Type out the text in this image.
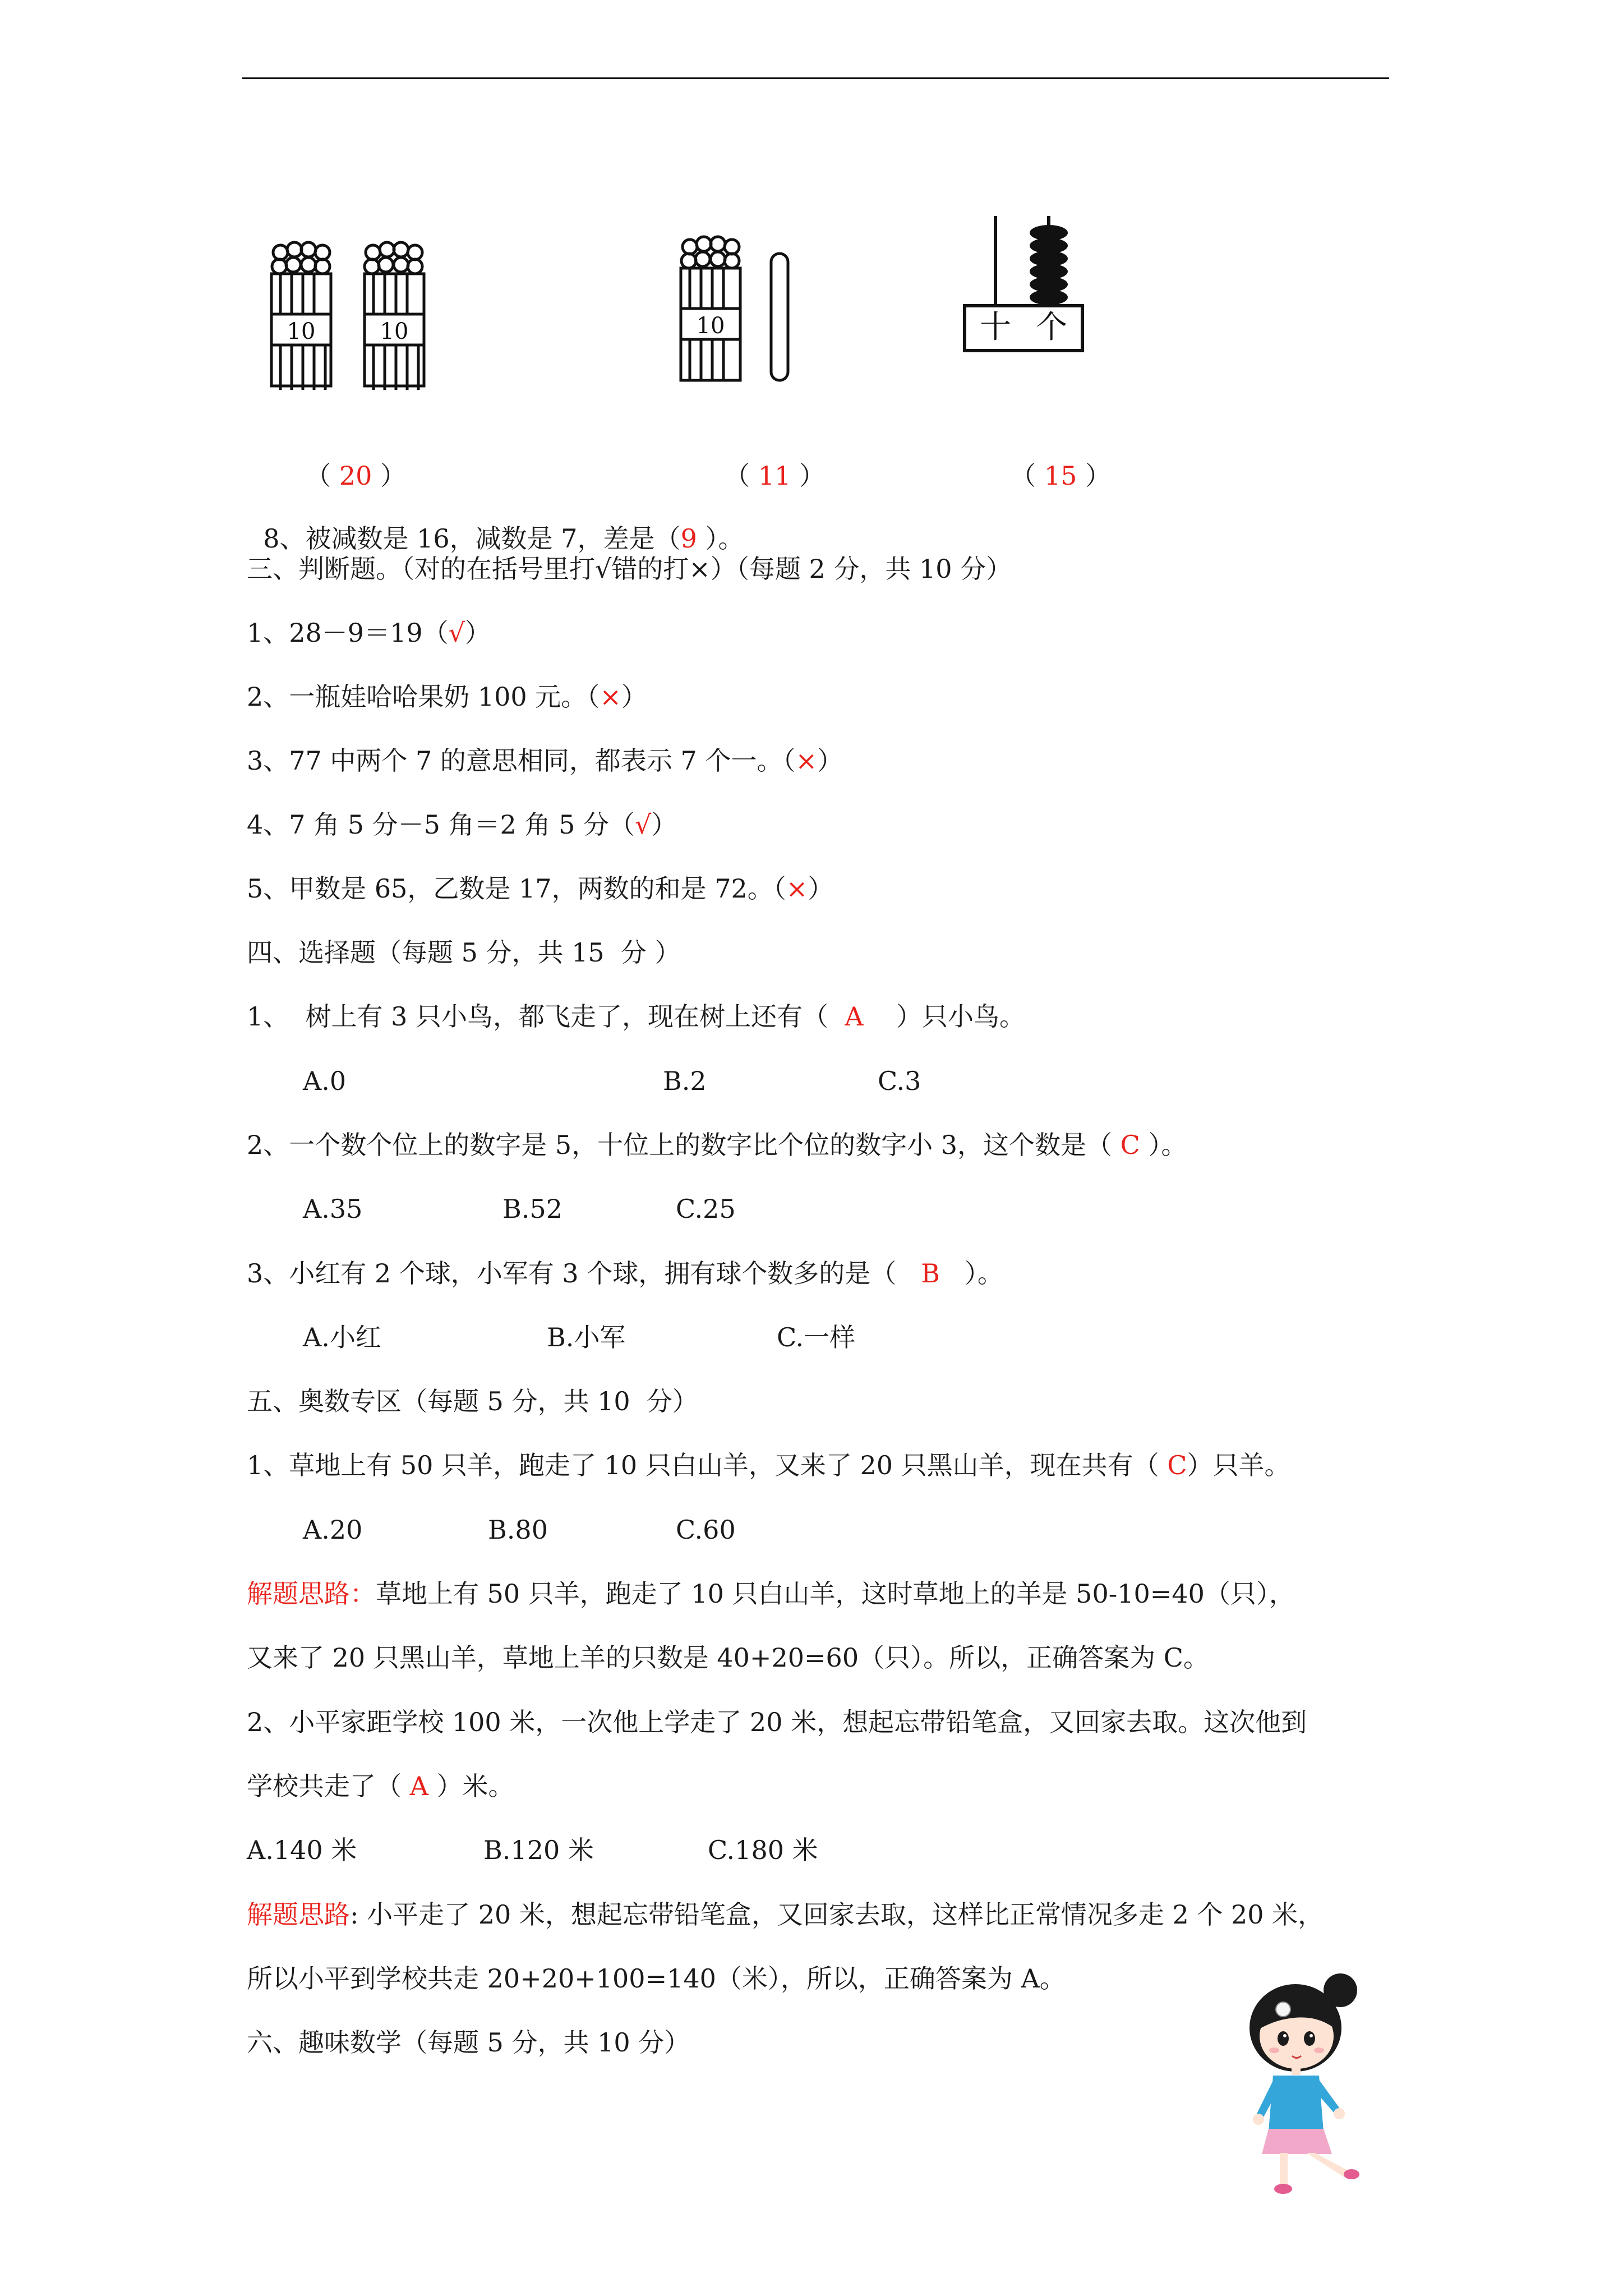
10	10	10	十 个

（ 20 ）	（ 11 ）	（ 15 ）

8、被减数是 16，减数是 7，差是（9 ）。

三、判断题。（对的在括号里打√错的打×）（每题 2 分，共 10 分）
1、28－9＝19（√）
2、一瓶娃哈哈果奶 100 元。（×）
3、77 中两个 7 的意思相同，都表示 7 个一。（×）
4、7 角 5 分－5 角＝2 角 5 分（√）
5、甲数是 65，乙数是 17，两数的和是 72。（×）
四、选择题（每题 5 分，共 15  分 ）
1、  树上有 3 只小鸟，都飞走了，现在树上还有（  A    ）只小鸟。
A.0	B.2	C.3
2、一个数个位上的数字是 5，十位上的数字比个位的数字小 3，这个数是（ C ）。
A.35	B.52	C.25
3、小红有 2 个球，小军有 3 个球，拥有球个数多的是（   B   ）。
A.小红	B.小军	C.一样
五、奥数专区（每题 5 分，共 10  分）
1、草地上有 50 只羊，跑走了 10 只白山羊，又来了 20 只黑山羊，现在共有（ C）只羊。
A.20	B.80	C.60
解题思路：草地上有 50 只羊，跑走了 10 只白山羊，这时草地上的羊是 50-10=40（只），
又来了 20 只黑山羊，草地上羊的只数是 40+20=60（只）。所以，正确答案为 C。
2、小平家距学校 100 米，一次他上学走了 20 米，想起忘带铅笔盒，又回家去取。这次他到
学校共走了（ A ）米。
A.140 米	B.120 米	C.180 米
解题思路: 小平走了 20 米，想起忘带铅笔盒，又回家去取，这样比正常情况多走 2 个 20 米，
所以小平到学校共走 20+20+100=140（米），所以，正确答案为 A。
六、趣味数学（每题 5 分，共 10 分）
